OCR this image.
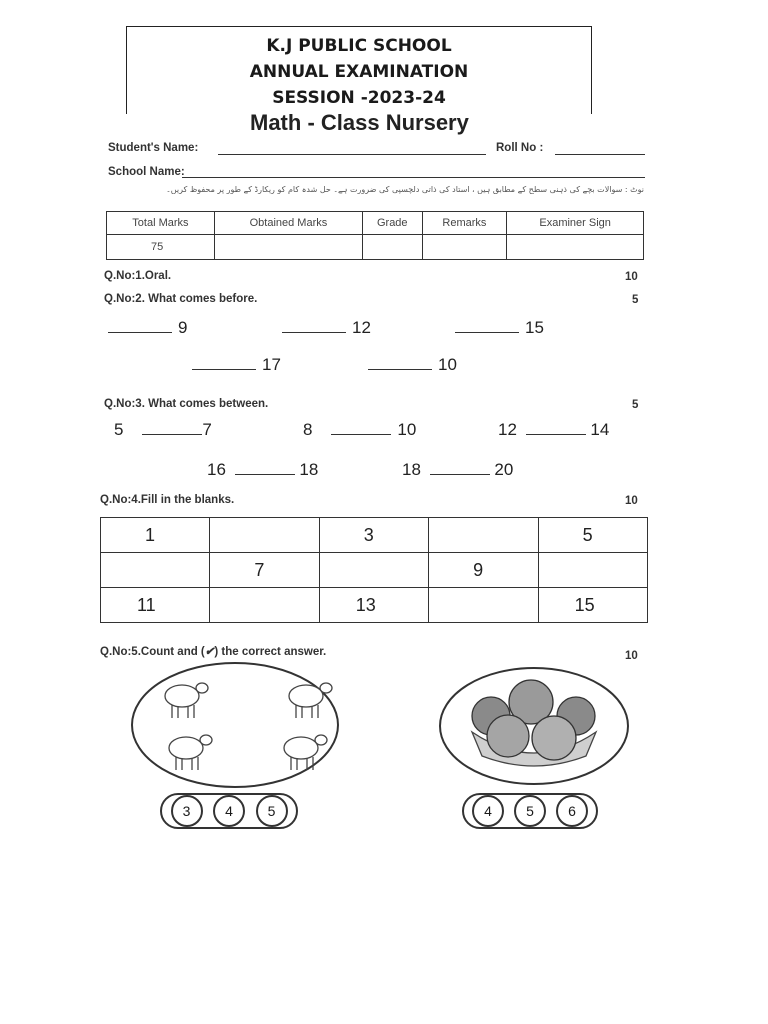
K.J PUBLIC SCHOOL
ANNUAL EXAMINATION
SESSION -2023-24
Math - Class Nursery
Student's Name:	Roll No :
School Name:
نوٹ : سوالات بچے کی ذہنی سطح کے مطابق ہیں ، استاد کی ذاتی دلچسپی کی ضرورت ہے۔ حل شدہ کام کو ریکارڈ کے طور پر محفوظ کریں۔
Total Marks	Obtained Marks	Grade	Remarks	Examiner Sign
75				
Q.No:1.Oral.	10
Q.No:2. What comes before.	5
9	12	15
17	10
Q.No:3. What comes between.	5
5	7	8	10	12	14
16	18	18	20
Q.No:4.Fill in the blanks.	10
1		3		5
	7		9	
11		13		15
Q.No:5.Count and (✔) the correct answer.	10
3	4	5	4	5	6
